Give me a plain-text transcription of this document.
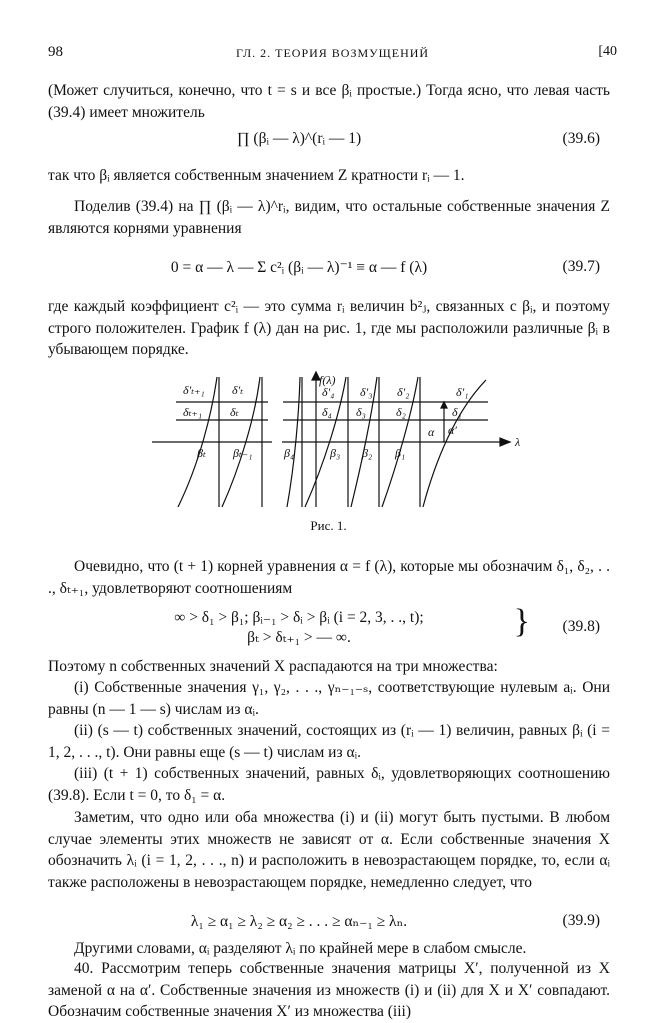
98	ГЛ. 2. ТЕОРИЯ ВОЗМУЩЕНИЙ	[40
(Может случиться, конечно, что t = s и все βᵢ простые.) Тогда ясно, что левая часть (39.4) имеет множитель
∏ (βᵢ — λ)^(rᵢ — 1)	(39.6)
так что βᵢ является собственным значением Z кратности rᵢ — 1.
Поделив (39.4) на ∏ (βᵢ — λ)^rᵢ, видим, что остальные собственные значения Z являются корнями уравнения
0 = α — λ — Σ c²ᵢ (βᵢ — λ)⁻¹ ≡ α — f (λ)	(39.7)
где каждый коэффициент c²ᵢ — это сумма rᵢ величин b²ⱼ, связанных с βᵢ, и поэтому строго положителен. График f (λ) дан на рис. 1, где мы расположили различные βᵢ в убывающем порядке.
δ′ₜ₊₁ δ′ₜ
δₜ₊₁ δₜ
βₜ βₜ₋₁
f(λ)
λ
δ′₄ δ′₃ δ′₂	δ′₁
δ₄ δ₃	δ₂	δ₁
β₄	β₃ β₂ β₁
α α′
Рис. 1.
Очевидно, что (t + 1) корней уравнения α = f (λ), которые мы обозначим δ₁, δ₂, . . ., δₜ₊₁, удовлетворяют соотношениям
∞ > δ₁ > β₁; βᵢ₋₁ > δᵢ > βᵢ (i = 2, 3, . ., t);
βₜ > δₜ₊₁ > — ∞.	} (39.8)
Поэтому n собственных значений X распадаются на три множества:
(i) Собственные значения γ₁, γ₂, . . ., γₙ₋₁₋ₛ, соответствующие нулевым aᵢ. Они равны (n — 1 — s) числам из αᵢ.
(ii) (s — t) собственных значений, состоящих из (rᵢ — 1) величин, равных βᵢ (i = 1, 2, . . ., t). Они равны еще (s — t) числам из αᵢ.
(iii) (t + 1) собственных значений, равных δᵢ, удовлетворяющих соотношению (39.8). Если t = 0, то δ₁ = α.
Заметим, что одно или оба множества (i) и (ii) могут быть пустыми. В любом случае элементы этих множеств не зависят от α. Если собственные значения X обозначить λᵢ (i = 1, 2, . . ., n) и расположить в невозрастающем порядке, то, если αᵢ также расположены в невозрастающем порядке, немедленно следует, что
λ₁ ≥ α₁ ≥ λ₂ ≥ α₂ ≥ . . . ≥ αₙ₋₁ ≥ λₙ.	(39.9)
Другими словами, αᵢ разделяют λᵢ по крайней мере в слабом смысле.
40. Рассмотрим теперь собственные значения матрицы X′, полученной из X заменой α на α′. Собственные значения из множеств (i) и (ii) для X и X′ совпадают. Обозначим собственные значения X′ из множества (iii)
